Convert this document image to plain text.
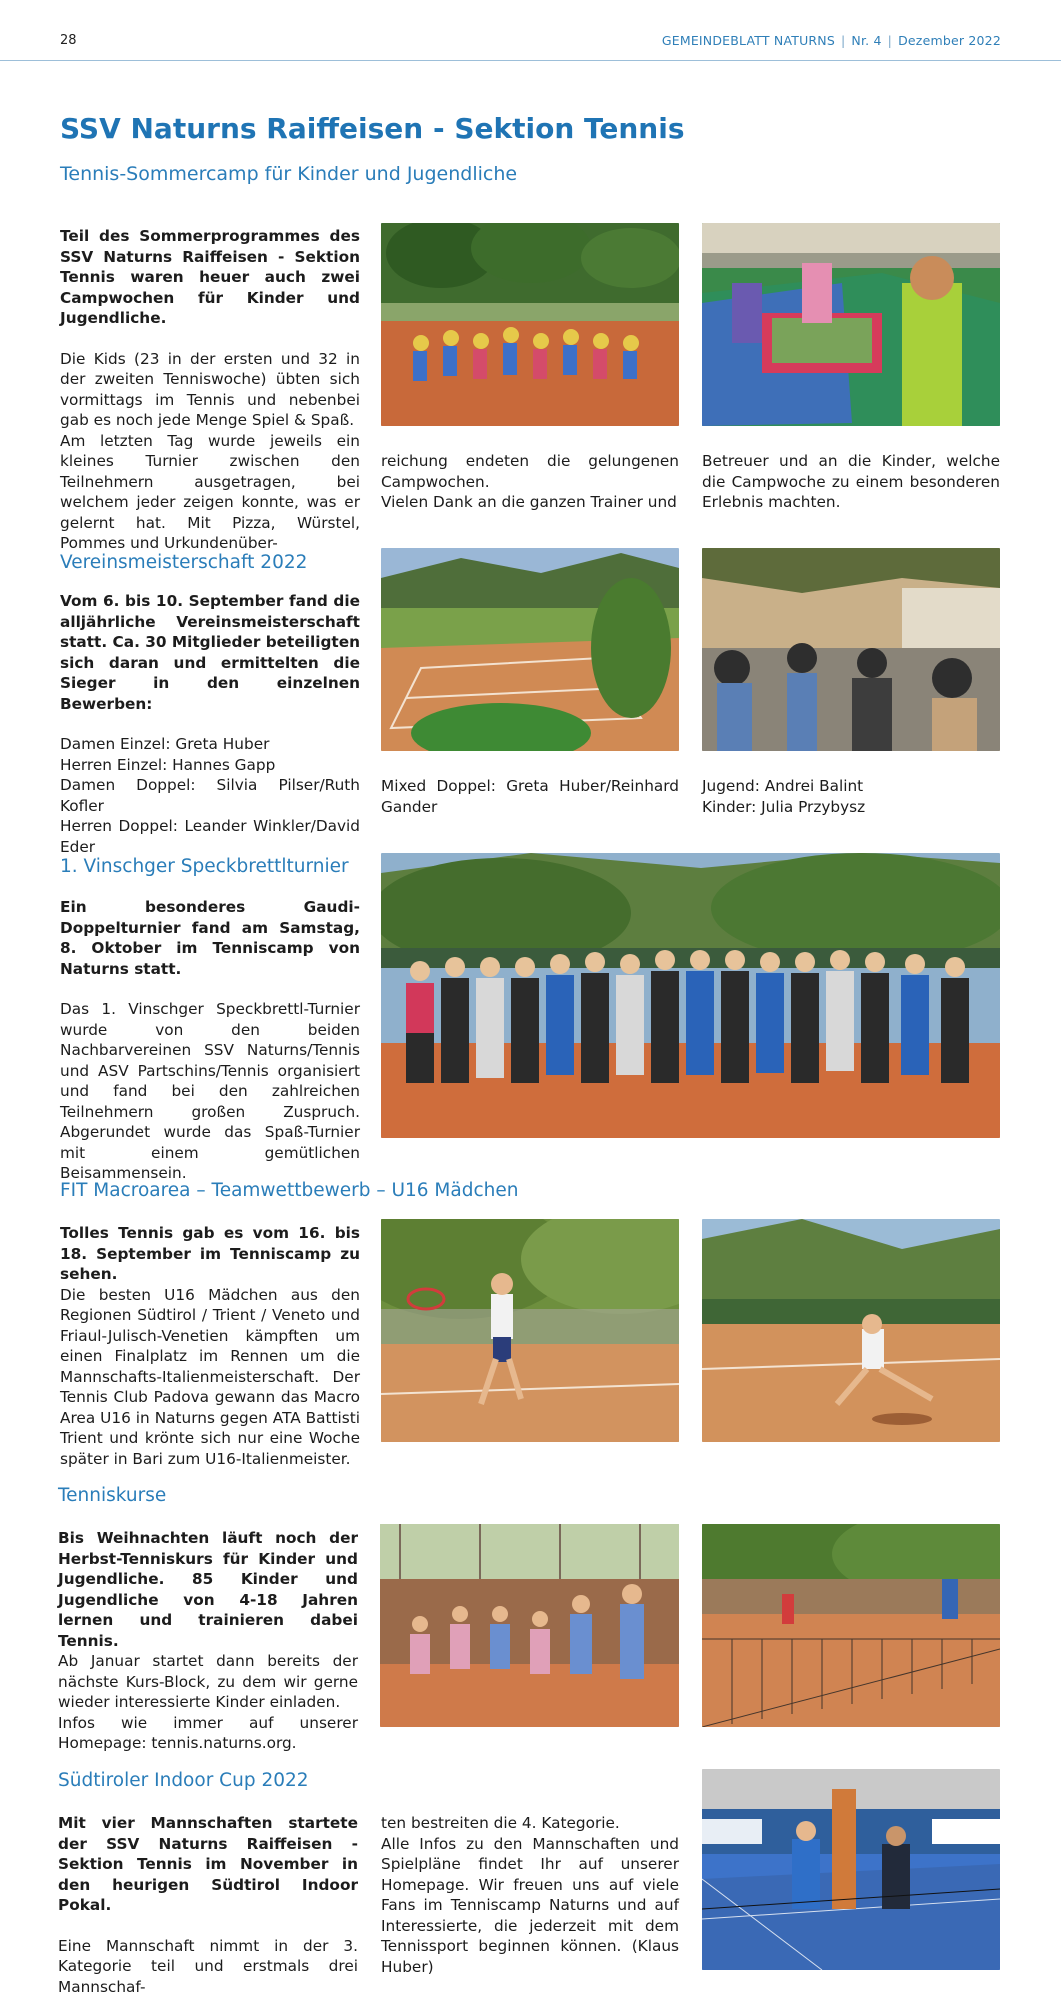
28	GEMEINDEBLATT NATURNS | Nr. 4 | Dezember 2022
SSV Naturns Raiffeisen - Sektion Tennis
Tennis-Sommercamp für Kinder und Jugendliche

Teil des Sommerprogrammes des SSV Naturns Raiffeisen - Sektion Tennis waren heuer auch zwei Campwochen für Kinder und Jugendliche.

Die Kids (23 in der ersten und 32 in der zweiten Tenniswoche) übten sich vormittags im Tennis und nebenbei gab es noch jede Menge Spiel & Spaß.

Am letzten Tag wurde jeweils ein kleines Turnier zwischen den Teilnehmern ausgetragen, bei welchem jeder zeigen konnte, was er gelernt hat. Mit Pizza, Würstel, Pommes und Urkundenüber-

reichung endeten die gelungenen Campwochen.

Vielen Dank an die ganzen Trainer und

Betreuer und an die Kinder, welche die Campwoche zu einem besonderen Erlebnis machten.

Vereinsmeisterschaft 2022

Vom 6. bis 10. September fand die alljährliche Vereinsmeisterschaft statt. Ca. 30 Mitglieder beteiligten sich daran und ermittelten die Sieger in den einzelnen Bewerben:

Damen Einzel: Greta Huber
Herren Einzel: Hannes Gapp
Damen Doppel: Silvia Pilser/Ruth Kofler
Herren Doppel: Leander Winkler/David Eder

Mixed Doppel: Greta Huber/Reinhard Gander

Jugend: Andrei Balint
Kinder: Julia Przybysz
1. Vinschger Speckbrettlturnier

Ein besonderes Gaudi-Doppelturnier fand am Samstag, 8. Oktober im Tenniscamp von Naturns statt.

Das 1. Vinschger Speckbrettl-Turnier wurde von den beiden Nachbarvereinen SSV Naturns/Tennis und ASV Partschins/Tennis organisiert und fand bei den zahlreichen Teilnehmern großen Zuspruch. Abgerundet wurde das Spaß-Turnier mit einem gemütlichen Beisammensein.

FIT Macroarea – Teamwettbewerb – U16 Mädchen

Tolles Tennis gab es vom 16. bis 18. September im Tenniscamp zu sehen.

Die besten U16 Mädchen aus den Regionen Südtirol / Trient / Veneto und Friaul-Julisch-Venetien kämpften um einen Finalplatz im Rennen um die Mannschafts-Italienmeisterschaft. Der Tennis Club Padova gewann das Macro Area U16 in Naturns gegen ATA Battisti Trient und krönte sich nur eine Woche später in Bari zum U16-Italienmeister.

Tenniskurse

Bis Weihnachten läuft noch der Herbst-Tenniskurs für Kinder und Jugendliche. 85 Kinder und Jugendliche von 4-18 Jahren lernen und trainieren dabei Tennis.

Ab Januar startet dann bereits der nächste Kurs-Block, zu dem wir gerne wieder interessierte Kinder einladen.

Infos wie immer auf unserer Homepage: tennis.naturns.org.

Südtiroler Indoor Cup 2022

Mit vier Mannschaften startete der SSV Naturns Raiffeisen - Sektion Tennis im November in den heurigen Südtirol Indoor Pokal.

Eine Mannschaft nimmt in der 3. Kategorie teil und erstmals drei Mannschaf-

ten bestreiten die 4. Kategorie.

Alle Infos zu den Mannschaften und Spielpläne findet Ihr auf unserer Homepage. Wir freuen uns auf viele Fans im Tenniscamp Naturns und auf Interessierte, die jederzeit mit dem Tennissport beginnen können. (Klaus Huber)
